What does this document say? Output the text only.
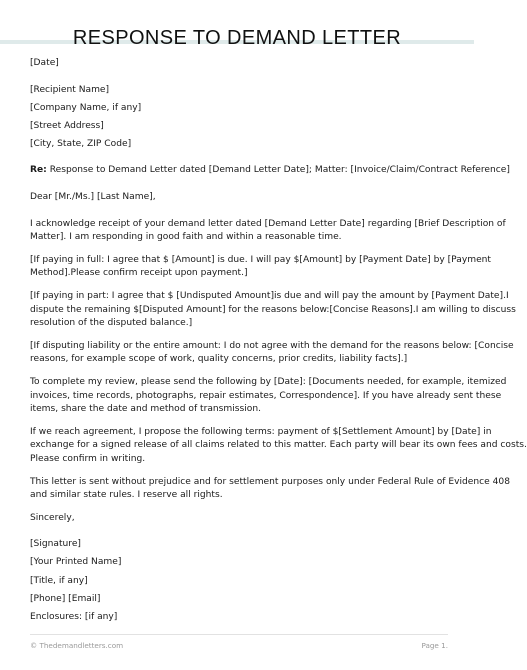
RESPONSE TO DEMAND LETTER

[Date]

[Recipient Name]

[Company Name, if any]

[Street Address]

[City, State, ZIP Code]

Re: Response to Demand Letter dated [Demand Letter Date]; Matter: [Invoice/Claim/Contract Reference]

Dear [Mr./Ms.] [Last Name],

I acknowledge receipt of your demand letter dated [Demand Letter Date] regarding [Brief Description of

Matter]. I am responding in good faith and within a reasonable time.

[If paying in full: I agree that $ [Amount] is due. I will pay $[Amount] by [Payment Date] by [Payment

Method].Please confirm receipt upon payment.]

[If paying in part: I agree that $ [Undisputed Amount]is due and will pay the amount by [Payment Date].I

dispute the remaining $[Disputed Amount] for the reasons below:[Concise Reasons].I am willing to discuss

resolution of the disputed balance.]

[If disputing liability or the entire amount: I do not agree with the demand for the reasons below: [Concise

reasons, for example scope of work, quality concerns, prior credits, liability facts].]

To complete my review, please send the following by [Date]: [Documents needed, for example, itemized

invoices, time records, photographs, repair estimates, Correspondence]. If you have already sent these

items, share the date and method of transmission.

If we reach agreement, I propose the following terms: payment of $[Settlement Amount] by [Date] in

exchange for a signed release of all claims related to this matter. Each party will bear its own fees and costs.

Please confirm in writing.

This letter is sent without prejudice and for settlement purposes only under Federal Rule of Evidence 408

and similar state rules. I reserve all rights.

Sincerely,

[Signature]

[Your Printed Name]

[Title, if any]

[Phone] [Email]

Enclosures: [if any]

© Thedemandletters.com	Page 1.
